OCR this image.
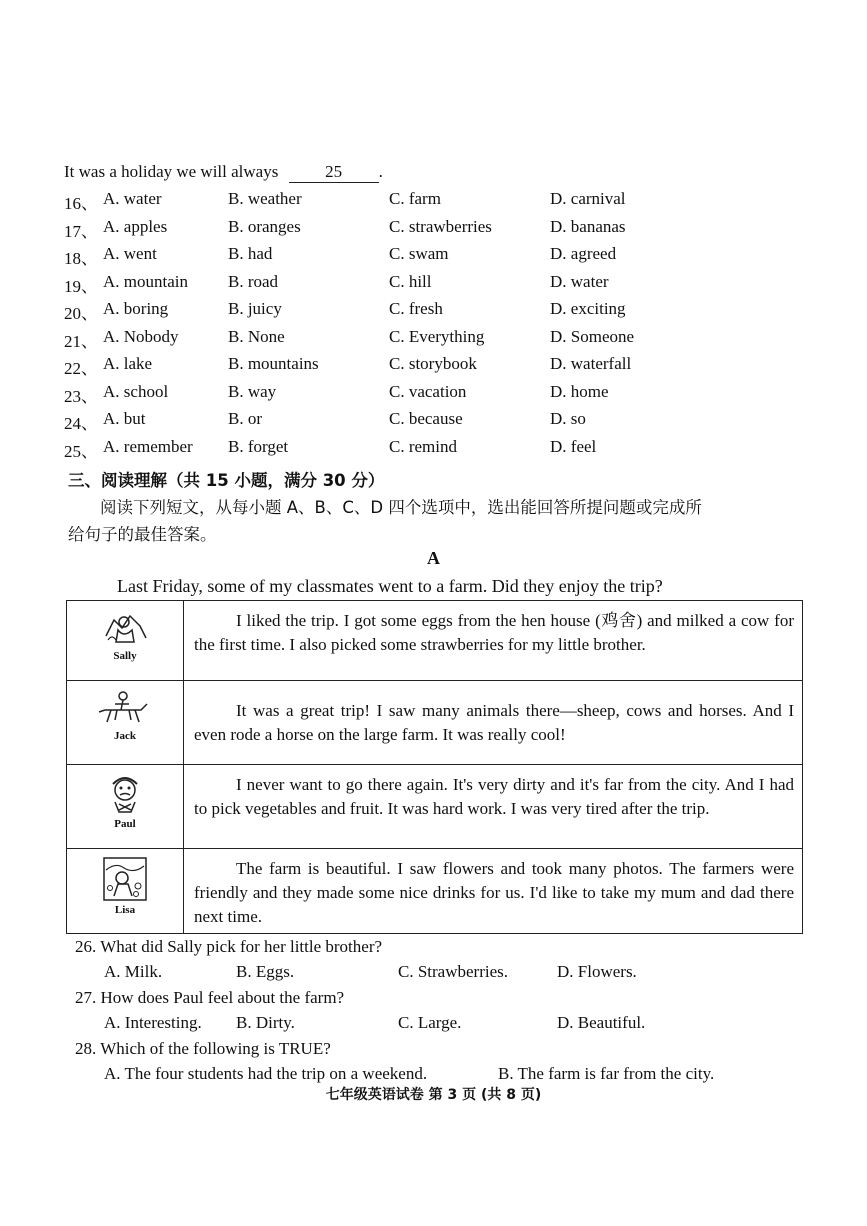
It was a holiday we will always	25 .
16、 A. water	B. weather	C. farm	D. carnival
17、 A. apples	B. oranges	C. strawberries	D. bananas
18、 A. went	B. had	C. swam	D. agreed
19、 A. mountain B. road	C. hill	D. water
20、 A. boring	B. juicy	C. fresh	D. exciting
21、 A. Nobody	B. None	C. Everything	D. Someone
22、 A. lake	B. mountains	C. storybook	D. waterfall
23、 A. school	B. way	C. vacation	D. home
24、 A. but	B. or	C. because	D. so
25、 A. remember B. forget	C. remind	D. feel
三、阅读理解（共 15 小题，满分 30 分）
阅读下列短文，从每小题 A、B、C、D 四个选项中，选出能回答所提问题或完成所
给句子的最佳答案。
A
Last Friday, some of my classmates went to a farm. Did they enjoy the trip?
Sally	I liked the trip. I got some eggs from the hen house (鸡舍) and milked a cow for the first time. I also picked some strawberries for my little brother.

Jack	It was a great trip! I saw many animals there—sheep, cows and horses. And I even rode a horse on the large farm. It was really cool!

Paul	I never want to go there again. It's very dirty and it's far from the city. And I had to pick vegetables and fruit. It was hard work. I was very tired after the trip.

Lisa	The farm is beautiful. I saw flowers and took many photos. The farmers were friendly and they made some nice drinks for us. I'd like to take my mum and dad there next time.
26. What did Sally pick for her little brother?
A. Milk.	B. Eggs.	C. Strawberries.	D. Flowers.
27. How does Paul feel about the farm?
A. Interesting. B. Dirty.	C. Large.	D. Beautiful.
28. Which of the following is TRUE?
A. The four students had the trip on a weekend.	B. The farm is far from the city.
七年级英语试卷 第 3 页 (共 8 页)
